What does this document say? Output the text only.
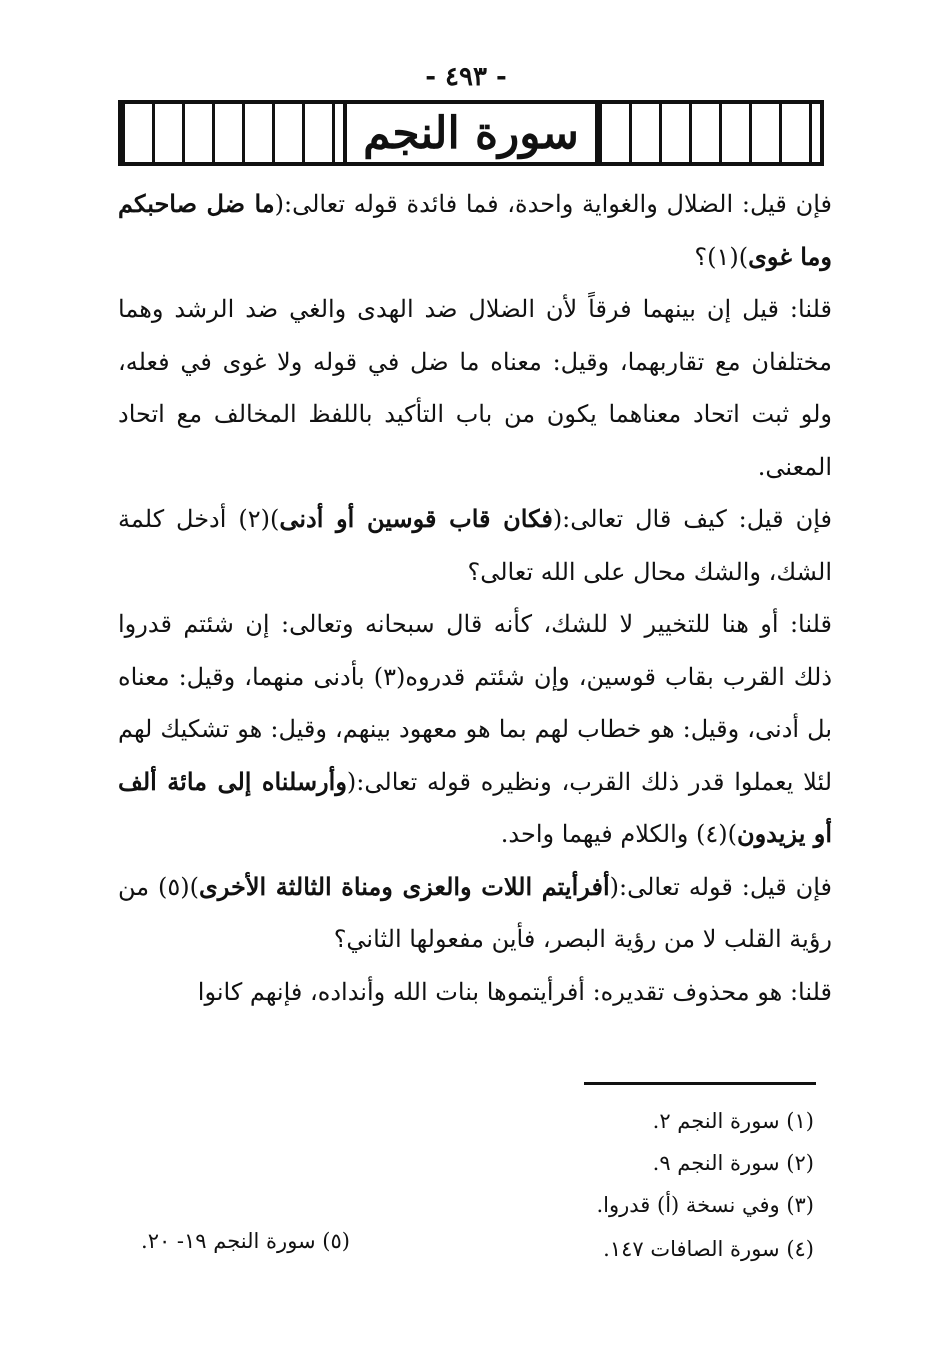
- ٤٩٣ -
سورة النجم

فإن قيل: الضلال والغواية واحدة، فما فائدة قوله تعالى:(ما ضل صاحبكم وما غوى)(١)؟

قلنا: قيل إن بينهما فرقاً لأن الضلال ضد الهدى والغي ضد الرشد وهما مختلفان مع تقاربهما، وقيل: معناه ما ضل في قوله ولا غوى في فعله، ولو ثبت اتحاد معناهما يكون من باب التأكيد باللفظ المخالف مع اتحاد المعنى.

فإن قيل: كيف قال تعالى:(فكان قاب قوسين أو أدنى)(٢) أدخل كلمة الشك، والشك محال على الله تعالى؟

قلنا: أو هنا للتخيير لا للشك، كأنه قال سبحانه وتعالى: إن شئتم قدروا ذلك القرب بقاب قوسين، وإن شئتم قدروه(٣) بأدنى منهما، وقيل: معناه بل أدنى، وقيل: هو خطاب لهم بما هو معهود بينهم، وقيل: هو تشكيك لهم لئلا يعملوا قدر ذلك القرب، ونظيره قوله تعالى:(وأرسلناه إلى مائة ألف أو يزيدون)(٤) والكلام فيهما واحد.

فإن قيل: قوله تعالى:(أفرأيتم اللات والعزى ومناة الثالثة الأخرى)(٥) من رؤية القلب لا من رؤية البصر، فأين مفعولها الثاني؟

قلنا: هو محذوف تقديره: أفرأيتموها بنات الله وأنداده، فإنهم كانوا

(١) سورة النجم ٢.
(٢) سورة النجم ٩.
(٣) وفي نسخة (أ) قدروا.
(٤) سورة الصافات ١٤٧.
(٥) سورة النجم ١٩- ٢٠.
